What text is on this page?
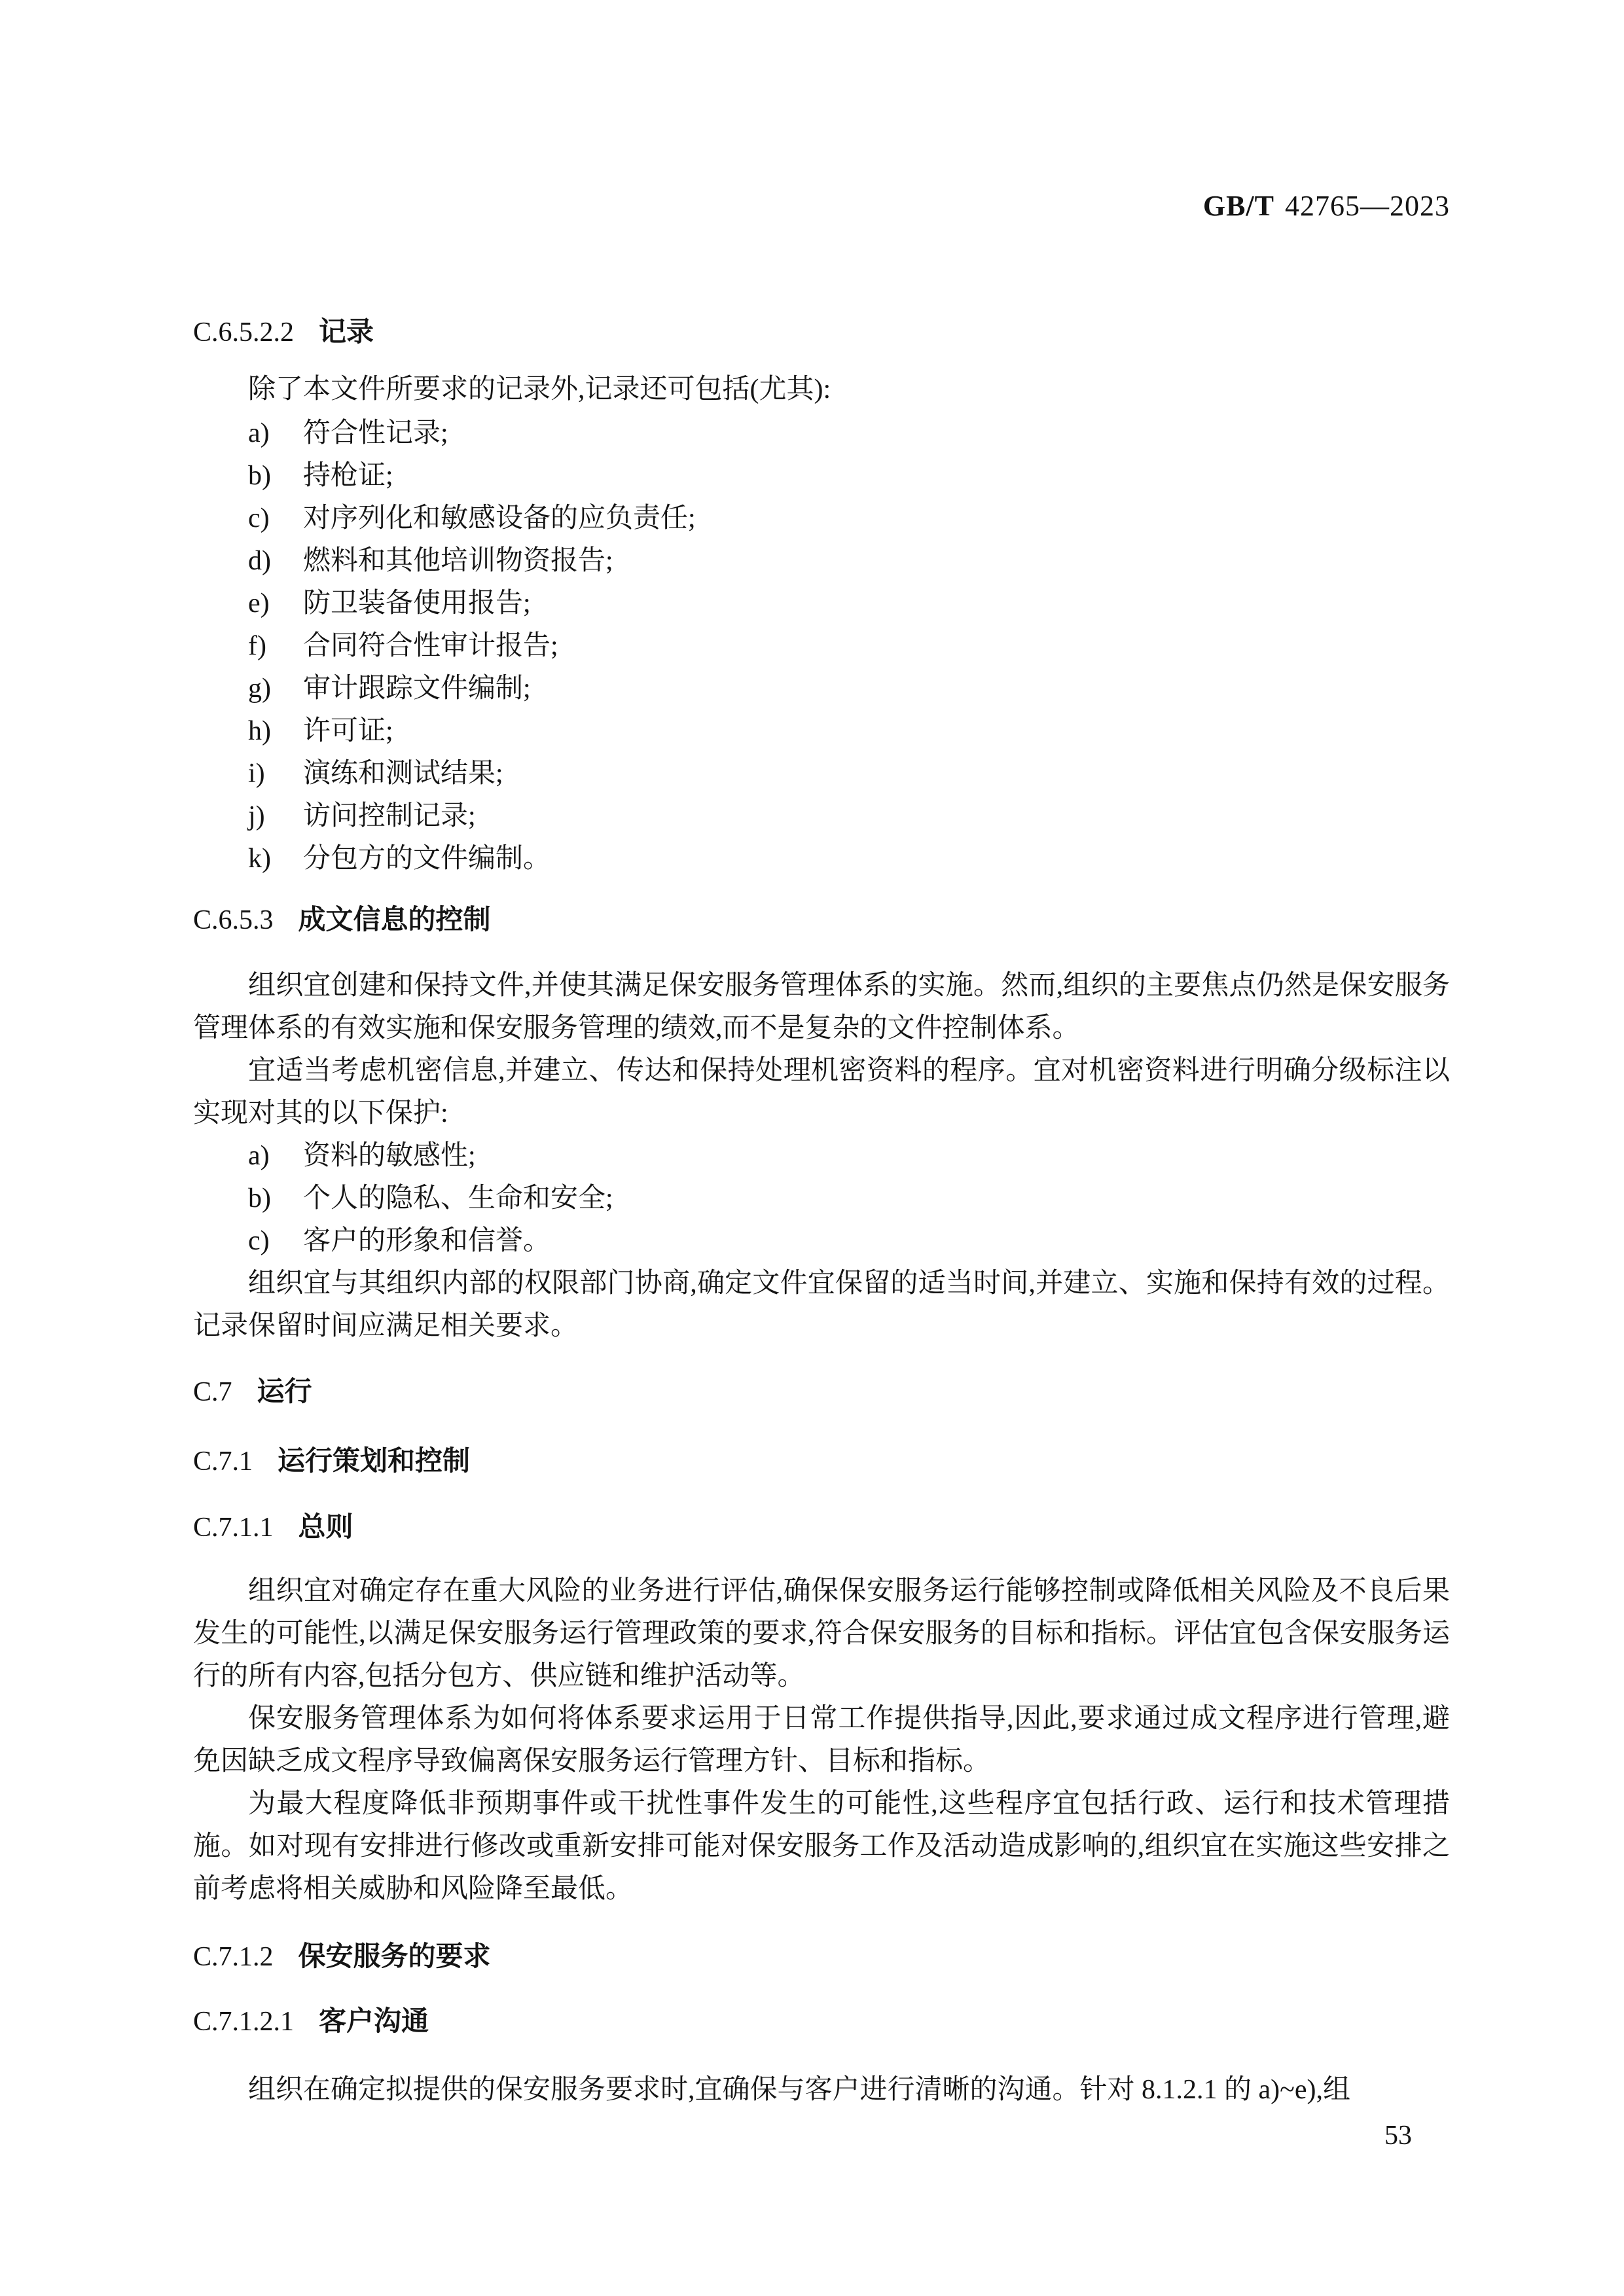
GB/T 42765—2023
C.6.5.2.2 记录
除了本文件所要求的记录外,记录还可包括(尤其):
a) 符合性记录;
b) 持枪证;
c) 对序列化和敏感设备的应负责任;
d) 燃料和其他培训物资报告;
e) 防卫装备使用报告;
f) 合同符合性审计报告;
g) 审计跟踪文件编制;
h) 许可证;
i) 演练和测试结果;
j) 访问控制记录;
k) 分包方的文件编制。
C.6.5.3 成文信息的控制
组织宜创建和保持文件,并使其满足保安服务管理体系的实施。然而,组织的主要焦点仍然是保安服务管理体系的有效实施和保安服务管理的绩效,而不是复杂的文件控制体系。
宜适当考虑机密信息,并建立、传达和保持处理机密资料的程序。宜对机密资料进行明确分级标注以实现对其的以下保护:
a) 资料的敏感性;
b) 个人的隐私、生命和安全;
c) 客户的形象和信誉。
组织宜与其组织内部的权限部门协商,确定文件宜保留的适当时间,并建立、实施和保持有效的过程。记录保留时间应满足相关要求。
C.7 运行
C.7.1 运行策划和控制
C.7.1.1 总则
组织宜对确定存在重大风险的业务进行评估,确保保安服务运行能够控制或降低相关风险及不良后果发生的可能性,以满足保安服务运行管理政策的要求,符合保安服务的目标和指标。评估宜包含保安服务运行的所有内容,包括分包方、供应链和维护活动等。
保安服务管理体系为如何将体系要求运用于日常工作提供指导,因此,要求通过成文程序进行管理,避免因缺乏成文程序导致偏离保安服务运行管理方针、目标和指标。
为最大程度降低非预期事件或干扰性事件发生的可能性,这些程序宜包括行政、运行和技术管理措施。如对现有安排进行修改或重新安排可能对保安服务工作及活动造成影响的,组织宜在实施这些安排之前考虑将相关威胁和风险降至最低。
C.7.1.2 保安服务的要求
C.7.1.2.1 客户沟通
组织在确定拟提供的保安服务要求时,宜确保与客户进行清晰的沟通。针对 8.1.2.1 的 a)~e),组
53
